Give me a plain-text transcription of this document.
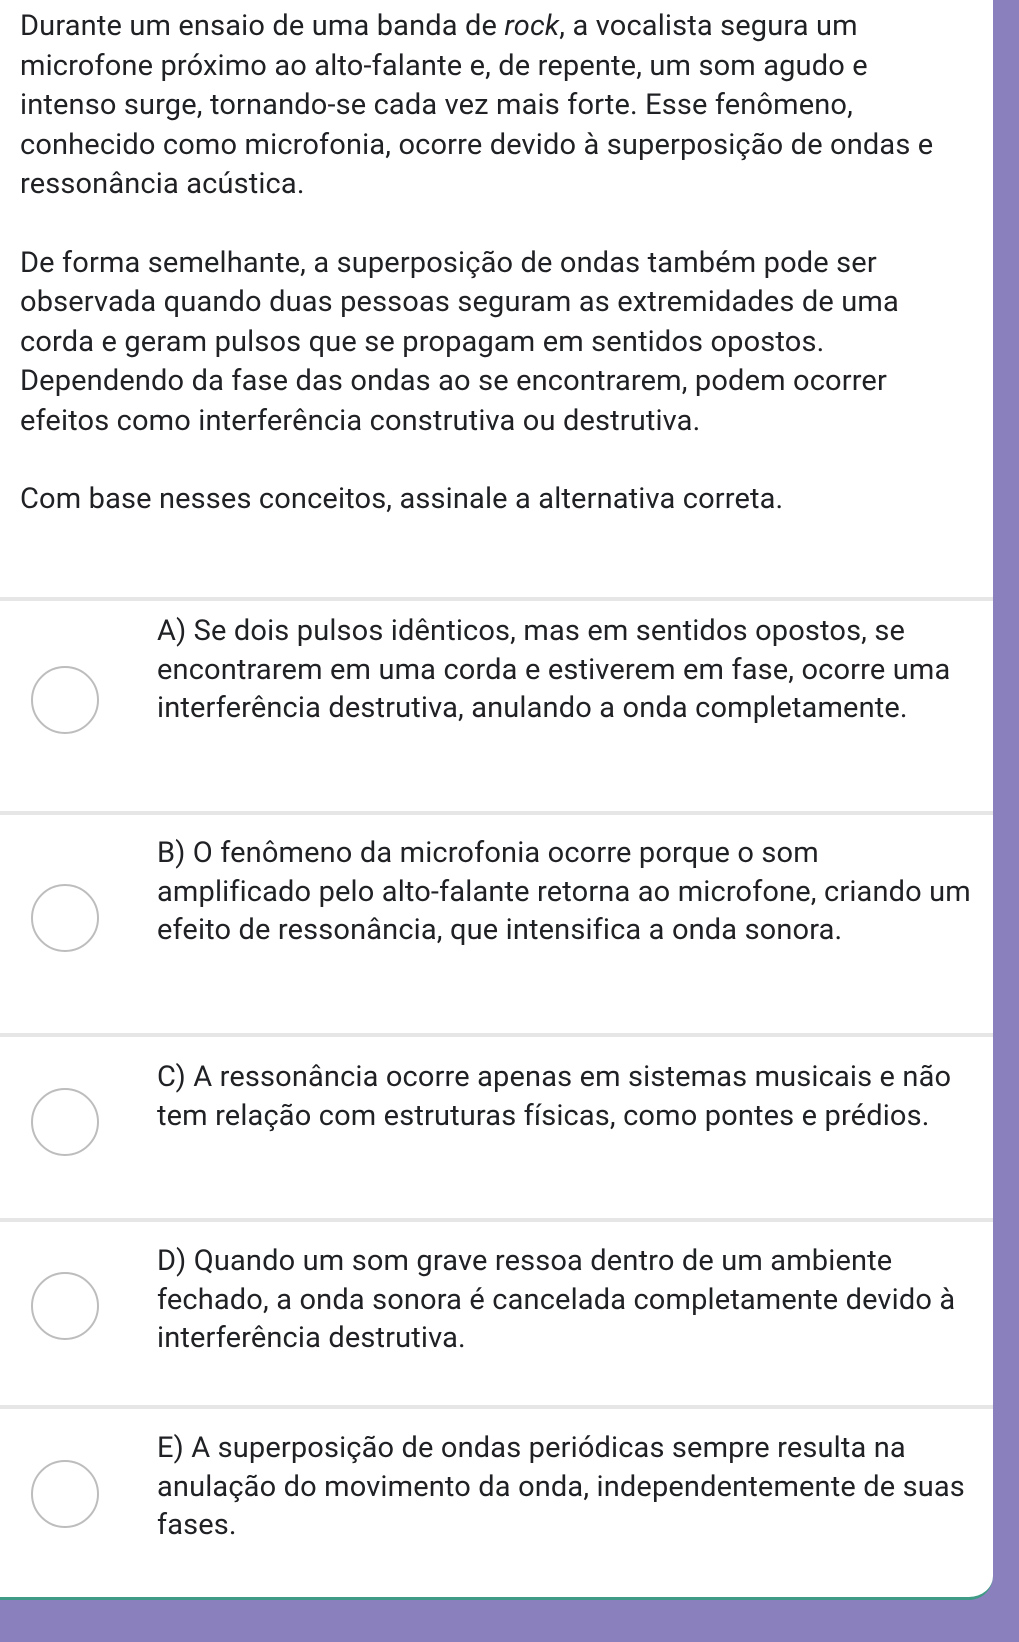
Durante um ensaio de uma banda de rock, a vocalista segura um microfone próximo ao alto-falante e, de repente, um som agudo e intenso surge, tornando-se cada vez mais forte. Esse fenômeno, conhecido como microfonia, ocorre devido à superposição de ondas e ressonância acústica.

De forma semelhante, a superposição de ondas também pode ser observada quando duas pessoas seguram as extremidades de uma corda e geram pulsos que se propagam em sentidos opostos. Dependendo da fase das ondas ao se encontrarem, podem ocorrer efeitos como interferência construtiva ou destrutiva.

Com base nesses conceitos, assinale a alternativa correta.

A) Se dois pulsos idênticos, mas em sentidos opostos, se encontrarem em uma corda e estiverem em fase, ocorre uma interferência destrutiva, anulando a onda completamente.
B) O fenômeno da microfonia ocorre porque o som amplificado pelo alto-falante retorna ao microfone, criando um efeito de ressonância, que intensifica a onda sonora.
C) A ressonância ocorre apenas em sistemas musicais e não tem relação com estruturas físicas, como pontes e prédios.
D) Quando um som grave ressoa dentro de um ambiente fechado, a onda sonora é cancelada completamente devido à interferência destrutiva.
E) A superposição de ondas periódicas sempre resulta na anulação do movimento da onda, independentemente de suas fases.
